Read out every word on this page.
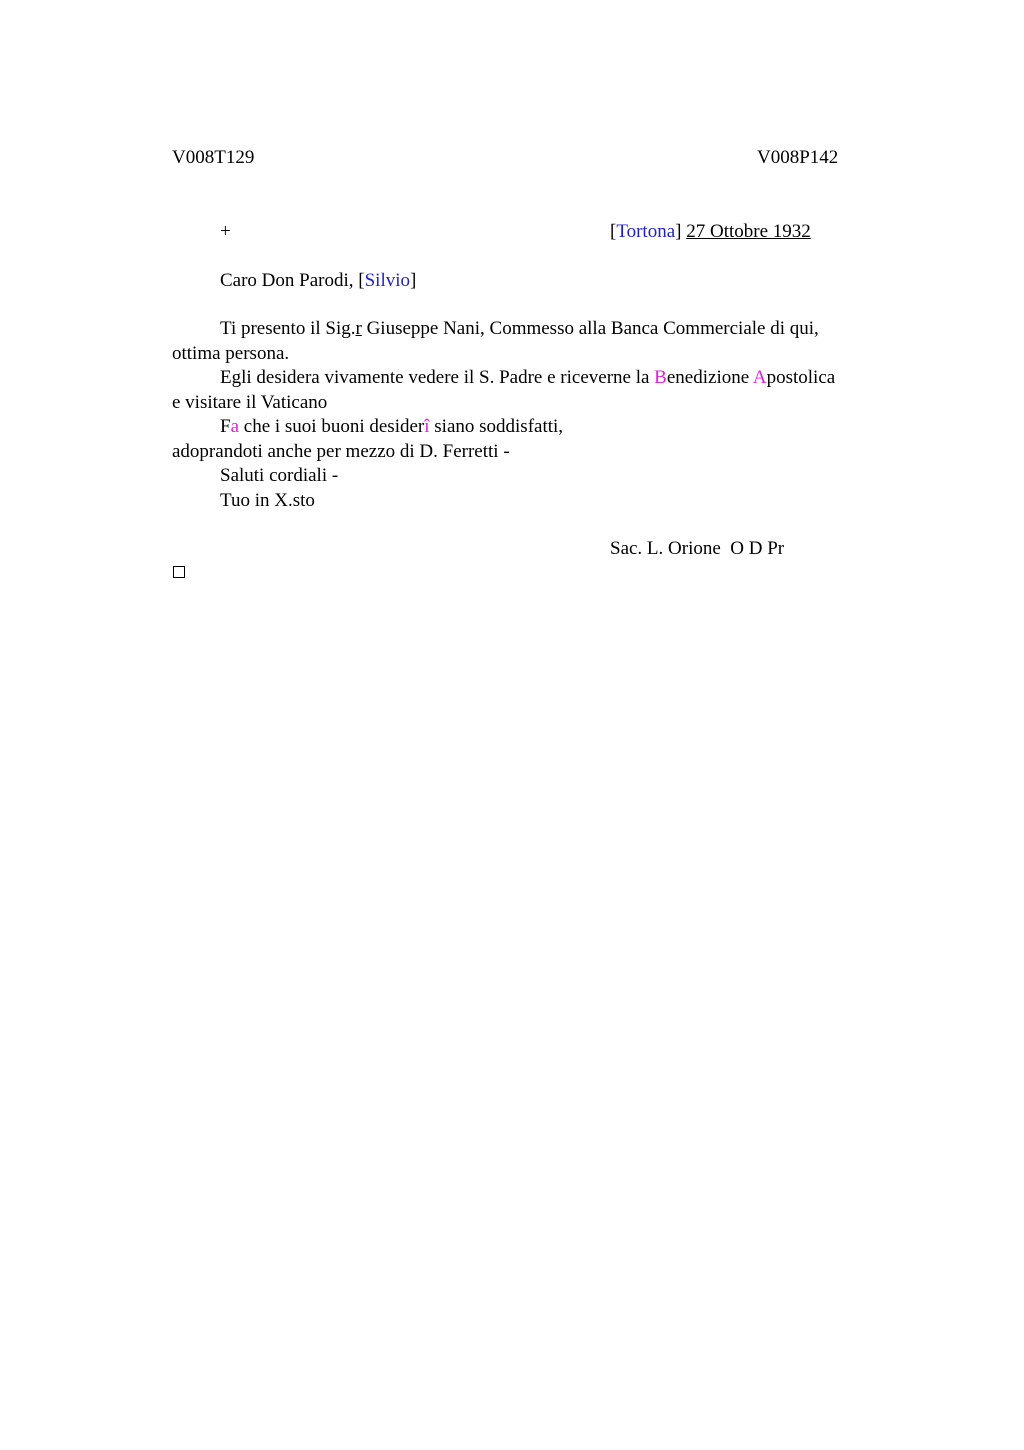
V008T129	V008P142
+	[Tortona] 27 Ottobre 1932
Caro Don Parodi, [Silvio]
Ti presento il Sig.r Giuseppe Nani, Commesso alla Banca Commerciale di qui,
ottima persona.
Egli desidera vivamente vedere il S. Padre e riceverne la Benedizione Apostolica
e visitare il Vaticano
Fa che i suoi buoni desiderî siano soddisfatti,
adoprandoti anche per mezzo di D. Ferretti -
Saluti cordiali -
Tuo in X.sto
Sac. L. Orione  O D Pr
